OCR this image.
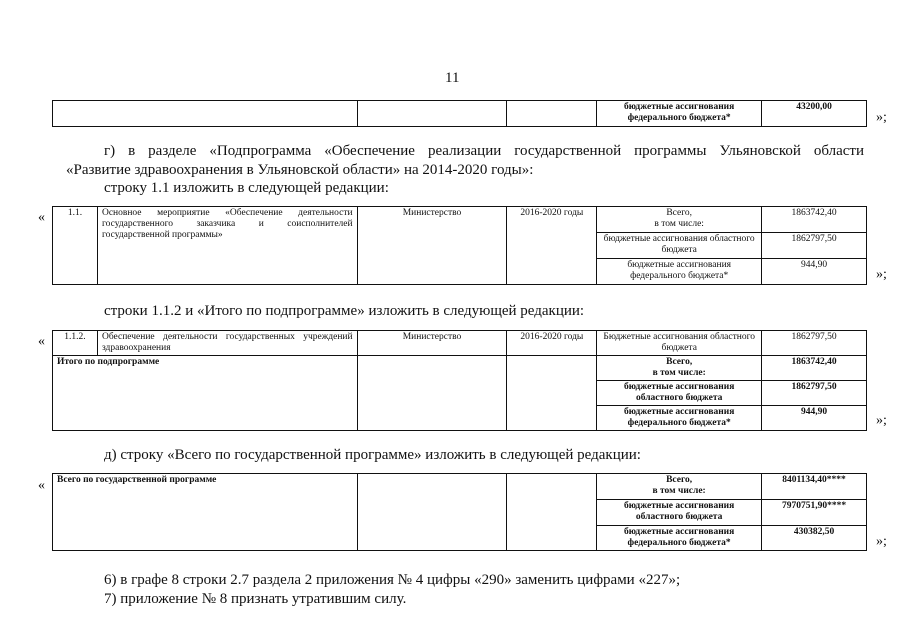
11
			бюджетные ассигнования федерального бюджета*	43200,00
»;
г) в разделе «Подпрограмма «Обеспечение реализации государственной программы Ульяновской области
«Развитие здравоохранения в Ульяновской области» на 2014-2020 годы»:
строку 1.1 изложить в следующей редакции:
« 1.1.	Основное мероприятие «Обеспечение деятельности государственного заказчика и соисполнителей государственной программы»	Министерство	2016-2020 годы	Всего,
в том числе:	1863742,40
				бюджетные ассигнования областного бюджета	1862797,50
				бюджетные ассигнования федерального бюджета*	944,90
»;
строки 1.1.2 и «Итого по подпрограмме» изложить в следующей редакции:
« 1.1.2.	Обеспечение деятельности государственных учреждений здравоохранения	Министерство	2016-2020 годы	Бюджетные ассигнования областного бюджета	1862797,50
Итого по подпрограмме				Всего,
в том числе:	1863742,40
				бюджетные ассигнования областного бюджета	1862797,50
				бюджетные ассигнования федерального бюджета*	944,90
»;
д) строку «Всего по государственной программе» изложить в следующей редакции:
« Всего по государственной программе			Всего,
в том числе:	8401134,40****
			бюджетные ассигнования областного бюджета	7970751,90****
			бюджетные ассигнования федерального бюджета*	430382,50
»;
6) в графе 8 строки 2.7 раздела 2 приложения № 4 цифры «290» заменить цифрами «227»;
7) приложение № 8 признать утратившим силу.
